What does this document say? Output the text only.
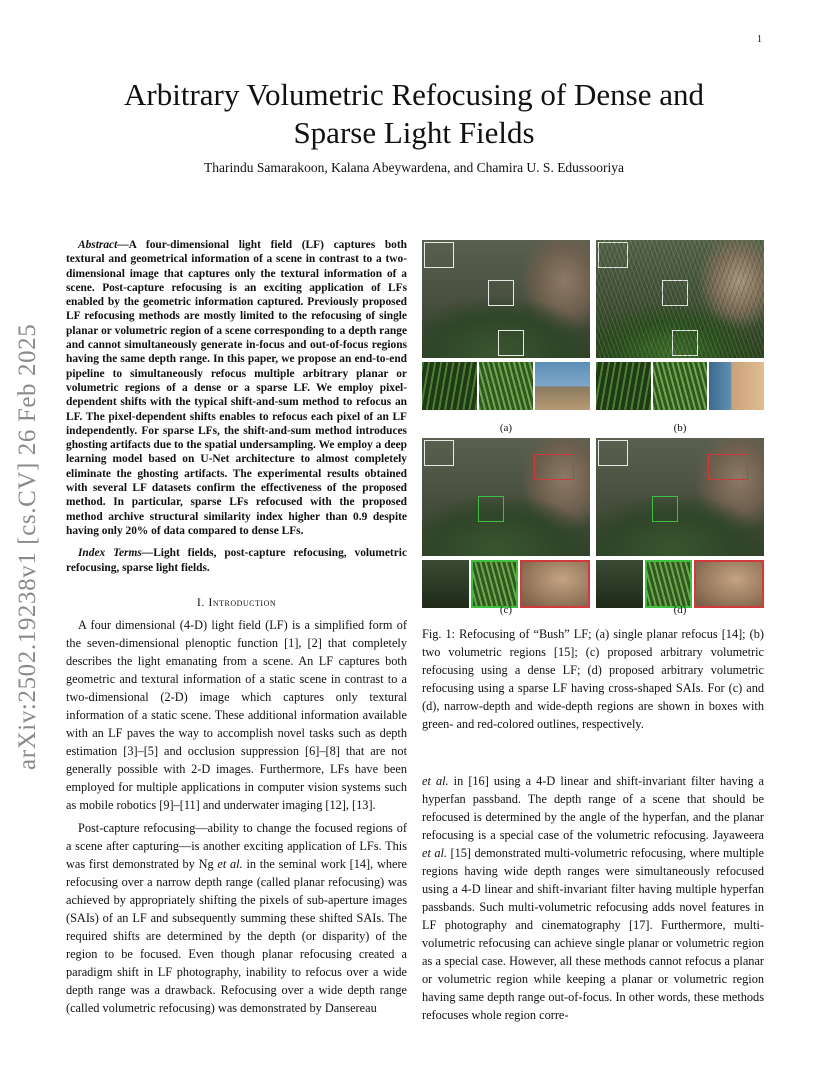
1
arXiv:2502.19238v1 [cs.CV] 26 Feb 2025
Arbitrary Volumetric Refocusing of Dense and
Sparse Light Fields
Tharindu Samarakoon, Kalana Abeywardena, and Chamira U. S. Edussooriya

Abstract—A four-dimensional light field (LF) captures both textural and geometrical information of a scene in contrast to a two-dimensional image that captures only the textural information of a scene. Post-capture refocusing is an exciting application of LFs enabled by the geometric information captured. Previously proposed LF refocusing methods are mostly limited to the refocusing of single planar or volumetric region of a scene corresponding to a depth range and cannot simultaneously generate in-focus and out-of-focus regions having the same depth range. In this paper, we propose an end-to-end pipeline to simultaneously refocus multiple arbitrary planar or volumetric regions of a dense or a sparse LF. We employ pixel-dependent shifts with the typical shift-and-sum method to refocus an LF. The pixel-dependent shifts enables to refocus each pixel of an LF independently. For sparse LFs, the shift-and-sum method introduces ghosting artifacts due to the spatial undersampling. We employ a deep learning model based on U-Net architecture to almost completely eliminate the ghosting artifacts. The experimental results obtained with several LF datasets confirm the effectiveness of the proposed method. In particular, sparse LFs refocused with the proposed method archive structural similarity index higher than 0.9 despite having only 20% of data compared to dense LFs.

Index Terms—Light fields, post-capture refocusing, volumetric refocusing, sparse light fields.

I. Introduction

A four dimensional (4-D) light field (LF) is a simplified form of the seven-dimensional plenoptic function [1], [2] that completely describes the light emanating from a scene. An LF captures both geometric and textural information of a static scene in contrast to a two-dimensional (2-D) image which captures only textural information of a static scene. These additional information available with an LF paves the way to accomplish novel tasks such as depth estimation [3]–[5] and occlusion suppression [6]–[8] that are not generally possible with 2-D images. Furthermore, LFs have been employed for multiple applications in computer vision systems such as mobile robotics [9]–[11] and underwater imaging [12], [13].

Post-capture refocusing—ability to change the focused regions of a scene after capturing—is another exciting application of LFs. This was first demonstrated by Ng et al. in the seminal work [14], where refocusing over a narrow depth range (called planar refocusing) was achieved by appropriately shifting the pixels of sub-aperture images (SAIs) of an LF and subsequently summing these shifted SAIs. The required shifts are determined by the depth (or disparity) of the region to be focused. Even though planar refocusing created a paradigm shift in LF photography, inability to refocus over a wide depth range was a drawback. Refocusing over a wide depth range (called volumetric refocusing) was demonstrated by Dansereau

(a)	(b)
(c)	(d)

Fig. 1: Refocusing of “Bush” LF; (a) single planar refocus [14]; (b) two volumetric regions [15]; (c) proposed arbitrary volumetric refocusing using a dense LF; (d) proposed arbitrary volumetric refocusing using a sparse LF having cross-shaped SAIs. For (c) and (d), narrow-depth and wide-depth regions are shown in boxes with green- and red-colored outlines, respectively.

et al. in [16] using a 4-D linear and shift-invariant filter having a hyperfan passband. The depth range of a scene that should be refocused is determined by the angle of the hyperfan, and the planar refocusing is a special case of the volumetric refocusing. Jayaweera et al. [15] demonstrated multi-volumetric refocusing, where multiple regions having wide depth ranges were simultaneously refocused using a 4-D linear and shift-invariant filter having multiple hyperfan passbands. Such multi-volumetric refocusing adds novel features in LF photography and cinematography [17]. Furthermore, multi-volumetric refocusing can achieve single planar or volumetric region as a special case. However, all these methods cannot refocus a planar or volumetric region while keeping a planar or volumetric region having same depth range out-of-focus. In other words, these methods refocuses whole region corre-
